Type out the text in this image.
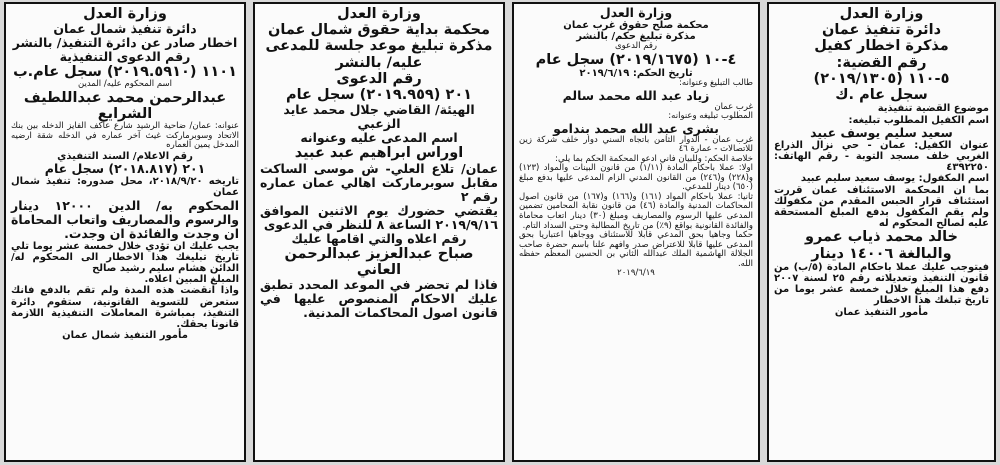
وزارة العدل

دائرة تنفيذ شمال عمان

اخطار صادر عن دائرة التنفيذ/ بالنشر

رقم الدعوى التنفيذية

١١٠١ (٢٠١٩.٥٩١٠) سجل عام.ب

اسم المحكوم عليه/ المدين

عبدالرحمن محمد عبداللطيف الشرايع

عنوانه: عمان/ ضاحية الرشيد شارع عاكف الفايز الدخله بين بنك الاتحاد وسوبرماركت غيث آخر عماره في الدخله شقة ارضيه المدخل يمين العماره

رقم الاعلام/ السند التنفيذي

٢٠١ (٢٠١٨.٨١٧) سجل عام

تاريخه ٢٠١٨/٩/٢٠، محل صدوره: تنفيذ شمال عمان

المحكوم به/ الدين ١٢٠٠٠ دينار والرسوم والمصاريف واتعاب المحاماة ان وجدت والفائدة ان وجدت.

يجب عليك ان تؤدي خلال خمسة عشر يوما تلي تاريخ تبليغك هذا الاخطار الى المحكوم له/ الدائن هشام سليم رشيد صالح

المبلغ المبين اعلاه.

واذا انقضت هذه المدة ولم تقم بالدفع فانك ستعرض للتسوية القانونية، ستقوم دائرة التنفيذ، بمباشرة المعاملات التنفيذية اللازمة قانونا بحقك.

مأمور التنفيذ شمال عمان

وزارة العدل

محكمة بداية حقوق شمال عمان

مذكرة تبليغ موعد جلسة للمدعى

عليه/ بالنشر

رقم الدعوى

٢٠١ (٢٠١٩.٩٥٩) سجل عام

الهيئة/ القاضي جلال محمد عايد الزعبي

اسم المدعى عليه وعنوانه

اوراس ابراهيم عبد عبيد

عمان/ تلاع العلي- ش موسى الساكت مقابل سوبرماركت اهالي عمان عماره رقم ٢

يقتضي حضورك يوم الاثنين الموافق ٢٠١٩/٩/١٦ الساعة ٨ للنظر في الدعوى

رقم اعلاه والتي اقامها عليك

صباح عبدالعزيز عبدالرحمن العاني

فاذا لم تحضر في الموعد المحدد تطبق عليك الاحكام المنصوص عليها في قانون اصول المحاكمات المدنية.

وزارة العدل

محكمة صلح حقوق غرب عمان

مذكرة تبليغ حكم/ بالنشر

رقم الدعوى

٤-١٠ (٢٠١٩/١٦٧٥) سجل عام

تاريخ الحكم: ٢٠١٩/٦/١٩

طالب التبليغ وعنوانه:

زياد عبد الله محمد سالم

غرب عمان

المطلوب تبليغه وعنوانه:

بشرى عبد الله محمد بندامو

غرب عمان - الدوار الثامن باتجاه السني دوار خلف شركة زين للاتصالات - عمارة ٤٦

خلاصة الحكم: وللبيان فاني ادعو المحكمة الحكم بما يلي:

اولا: عملا باحكام المادة (١/١١) من قانون البينات والمواد (١٢٣) و(٢٢٨) و(٢٤٦) من القانون المدني الزام المدعى عليها بدفع مبلغ (٦٥٠) دينار للمدعي.

ثانيا: عملا باحكام المواد (١٦١) و(١٦٦) و(١٦٧) من قانون اصول المحاكمات المدنية والمادة (٤٦) من قانون نقابة المحامين تضمين المدعى عليها الرسوم والمصاريف ومبلغ (٣٠) دينار اتعاب محاماة والفائدة القانونية بواقع (٩٪) من تاريخ المطالبة وحتى السداد التام.

حكما وجاهيا بحق المدعي قابلا للاستئناف ووجاهيا اعتباريا بحق المدعى عليها قابلا للاعتراض صدر وافهم علنا باسم حضرة صاحب الجلالة الهاشمية الملك عبدالله الثاني بن الحسين المعظم حفظه الله.

٢٠١٩/٦/١٩

وزارة العدل

دائرة تنفيذ عمان

مذكرة اخطار كفيل

رقم القضية:

٥-١١٠ (٢٠١٩/١٣٠٥)

سجل عام .ك

موضوع القضية تنفيذية

اسم الكفيل المطلوب تبليغه:

سعيد سليم يوسف عبيد

عنوان الكفيل: عمان - حي نزال الذراع الغربي خلف مسجد التوبة - رقم الهاتف: ٤٣٩٢٢٥٠

اسم المكفول: يوسف سعيد سليم عبيد

بما ان المحكمة الاستئناف عمان قررت استئناف قرار الحبس المقدم من مكفولك ولم يقم المكفول بدفع المبلغ المستحقة عليه لصالح المحكوم له

خالد محمد ذياب عمرو

والبالغة ١٤٠٠٦ دينار

فيتوجب عليك عملا باحكام المادة (٥/ب) من قانون التنفيذ وتعديلاته رقم ٢٥ لسنة ٢٠٠٧ دفع هذا المبلغ خلال خمسة عشر يوما من تاريخ تبلغك هذا الاخطار

مأمور التنفيذ عمان
